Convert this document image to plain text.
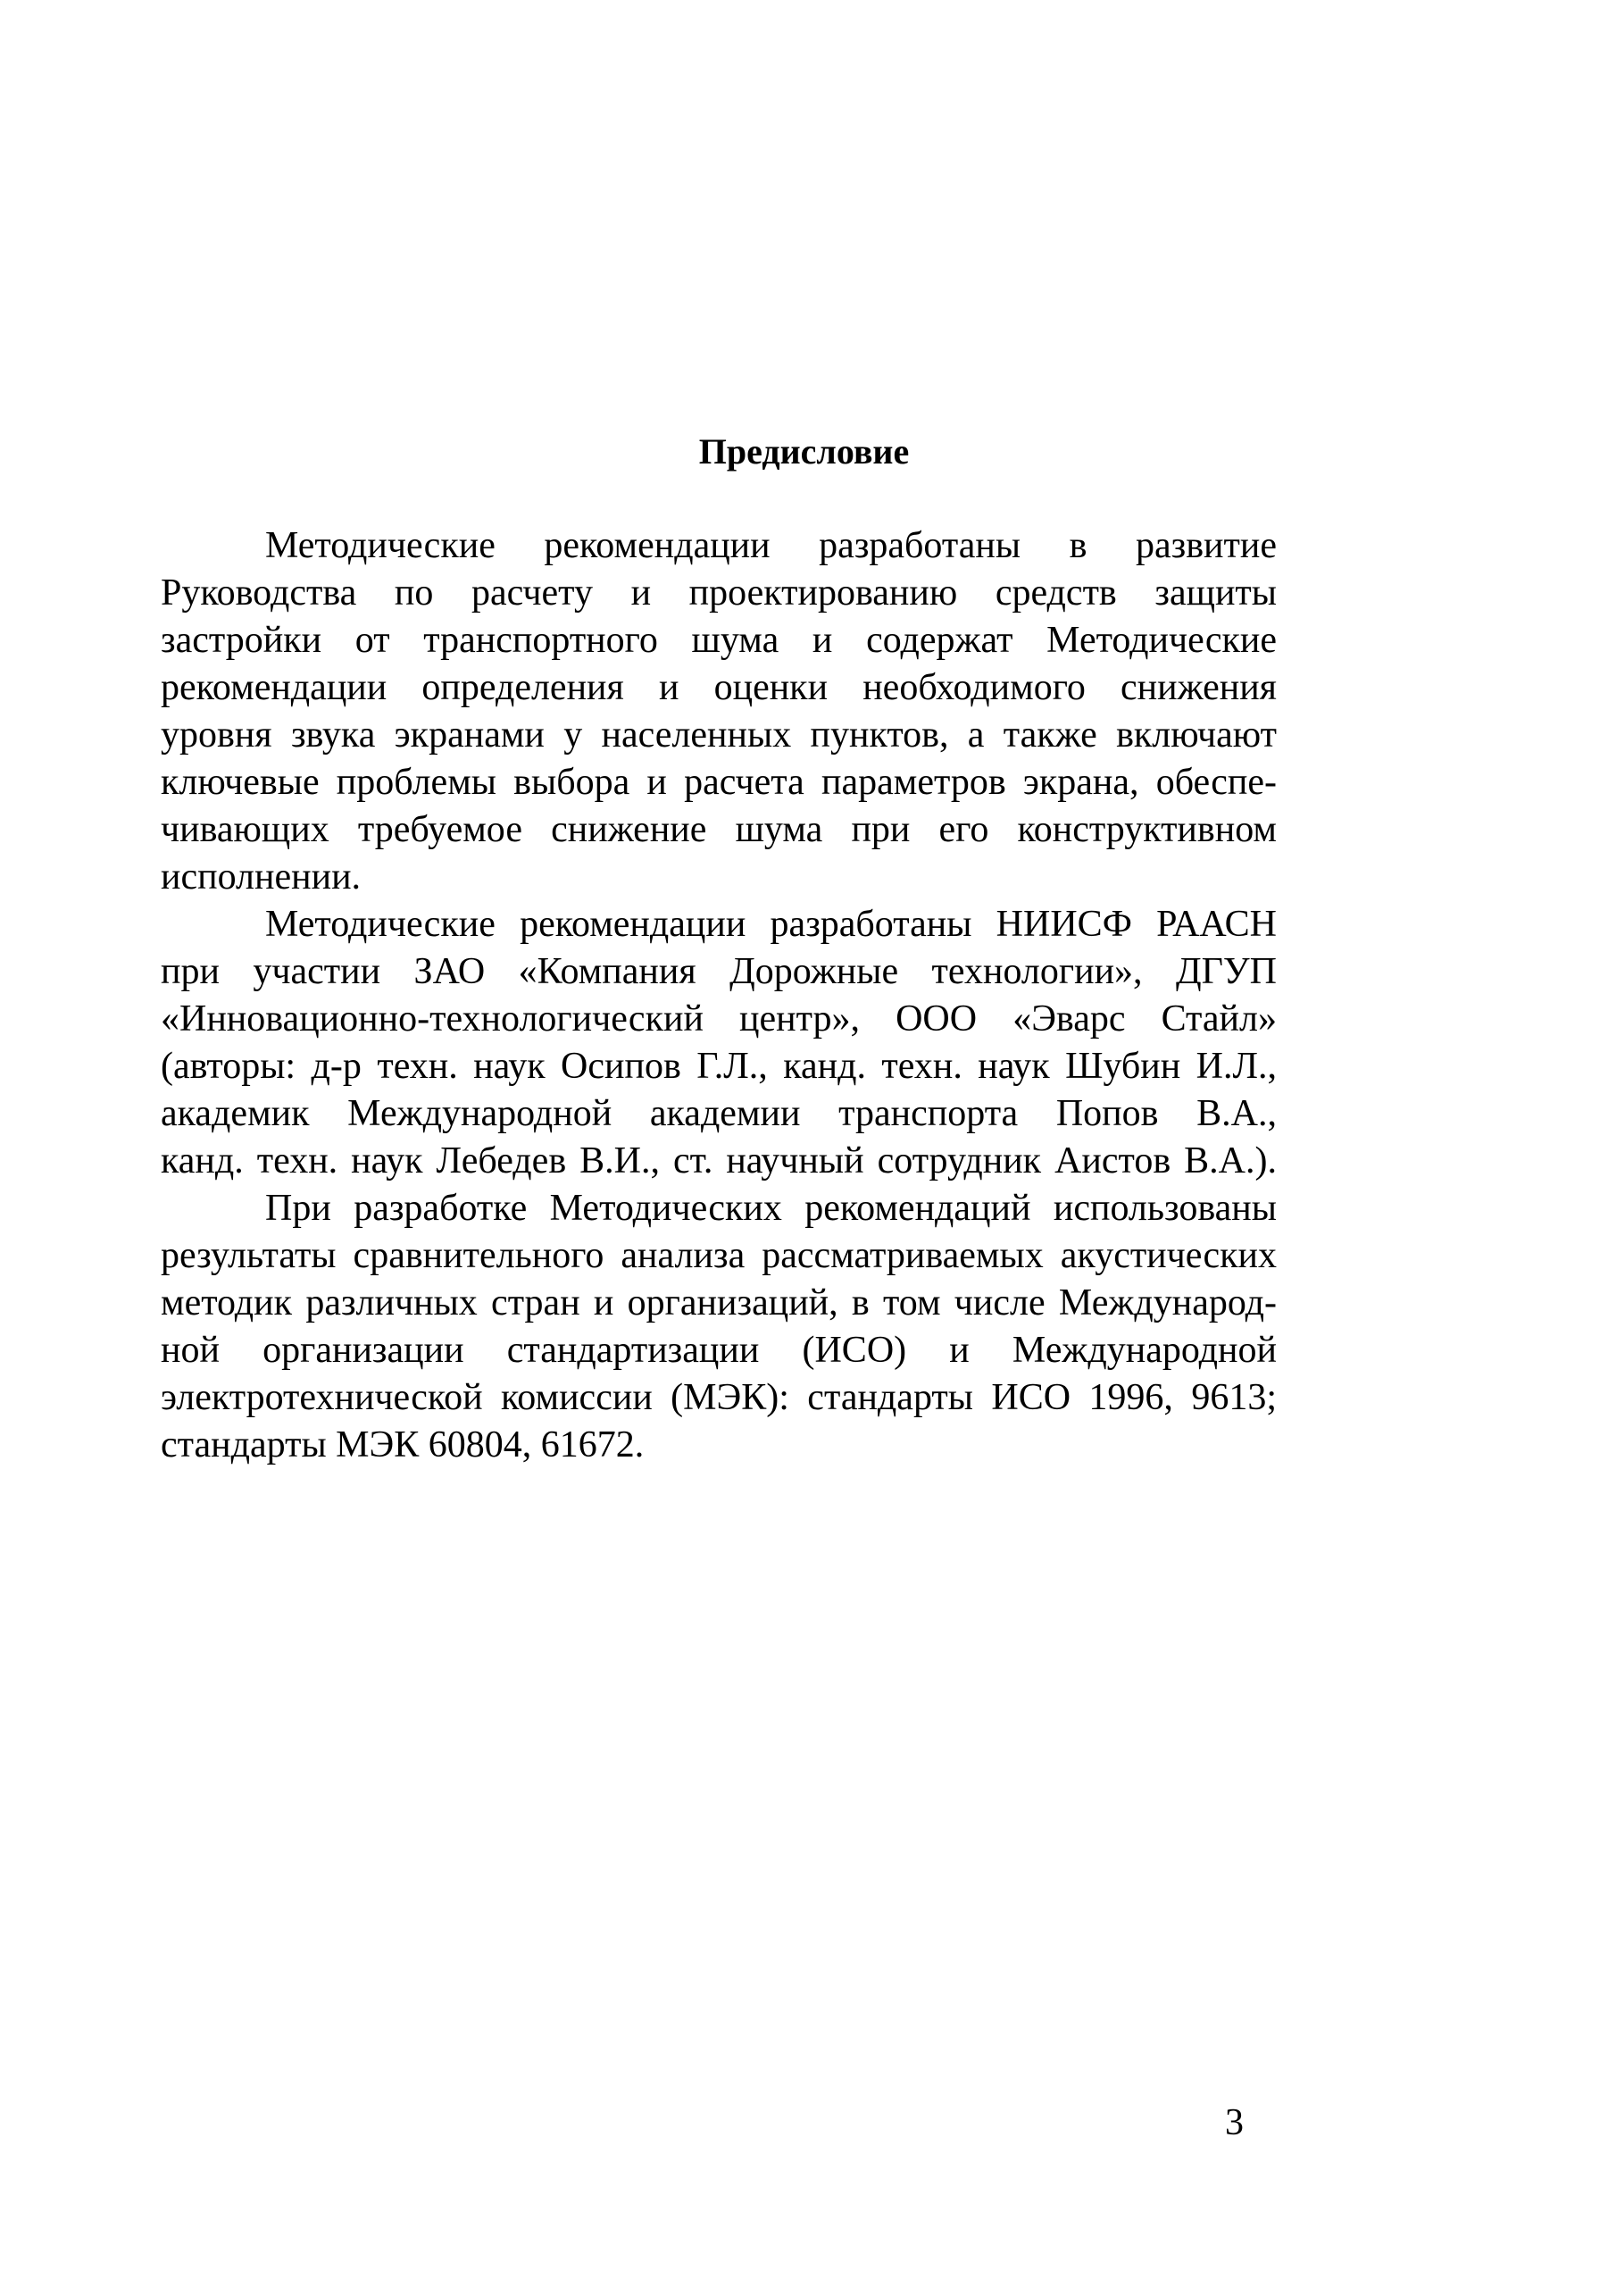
Предисловие
Методические рекомендации разработаны в развитие
Руководства по расчету и проектированию средств защиты
застройки от транспортного шума и содержат Методические
рекомендации определения и оценки необходимого снижения
уровня звука экранами у населенных пунктов, а также включают
ключевые проблемы выбора и расчета параметров экрана, обеспе-
чивающих требуемое снижение шума при его конструктивном
исполнении.
Методические рекомендации разработаны НИИСФ РААСН
при участии ЗАО «Компания Дорожные технологии», ДГУП
«Инновационно-технологический центр», ООО «Эварс Стайл»
(авторы: д-р техн. наук Осипов Г.Л., канд. техн. наук Шубин И.Л.,
академик Международной академии транспорта Попов В.А.,
канд. техн. наук Лебедев В.И., ст. научный сотрудник Аистов В.А.).
При разработке Методических рекомендаций использованы
результаты сравнительного анализа рассматриваемых акустических
методик различных стран и организаций, в том числе Международ-
ной организации стандартизации (ИСО) и Международной
электротехнической комиссии (МЭК): стандарты ИСО 1996, 9613;
стандарты МЭК 60804, 61672.
3
